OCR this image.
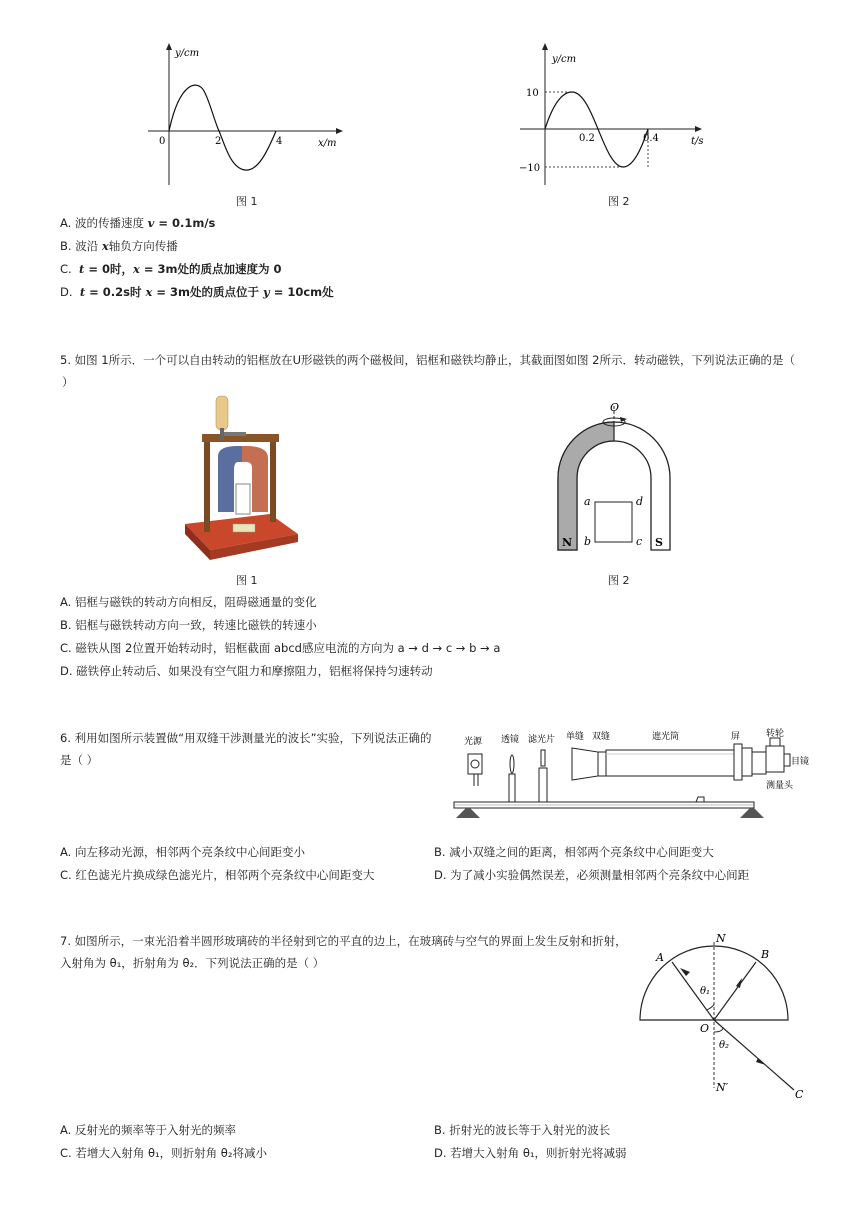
y/cm
x/m
0	2	4
图 1
y/cm
t/s
10
−10
0.2	0.4
图 2
A. 波的传播速度 v = 0.1m/s
B. 波沿 x轴负方向传播
C. t = 0时，x = 3m处的质点加速度为 0
D. t = 0.2s时 x = 3m处的质点位于 y = 10cm处
5. 如图 1所示．一个可以自由转动的铝框放在U形磁铁的两个磁极间，铝框和磁铁均静止，其截面图如图 2所示．转动磁铁，下列说法正确的是（
）
图 1
O
a	d
b	c
N	S
图 2
A. 铝框与磁铁的转动方向相反，阻碍磁通量的变化
B. 铝框与磁铁转动方向一致，转速比磁铁的转速小
C. 磁铁从图 2位置开始转动时，铝框截面 abcd感应电流的方向为 a → d → c → b → a
D. 磁铁停止转动后、如果没有空气阻力和摩擦阻力，铝框将保持匀速转动
6. 利用如图所示装置做“用双缝干涉测量光的波长”实验，下列说法正确的
是（ ）
光源 透镜 滤光片 单缝 双缝	遮光筒	屏	转轮
目镜
测量头
A. 向左移动光源，相邻两个亮条纹中心间距变小	B. 减小双缝之间的距离，相邻两个亮条纹中心间距变大
C. 红色滤光片换成绿色滤光片，相邻两个亮条纹中心间距变大	D. 为了减小实验偶然误差，必须测量相邻两个亮条纹中心间距
7. 如图所示，一束光沿着半圆形玻璃砖的半径射到它的平直的边上，在玻璃砖与空气的界面上发生反射和折射，
入射角为 θ₁，折射角为 θ₂．下列说法正确的是（ ）	A	B
N
N′
O
C
θ₁
θ₂
A. 反射光的频率等于入射光的频率	B. 折射光的波长等于入射光的波长
C. 若增大入射角 θ₁，则折射角 θ₂将减小	D. 若增大入射角 θ₁，则折射光将减弱
